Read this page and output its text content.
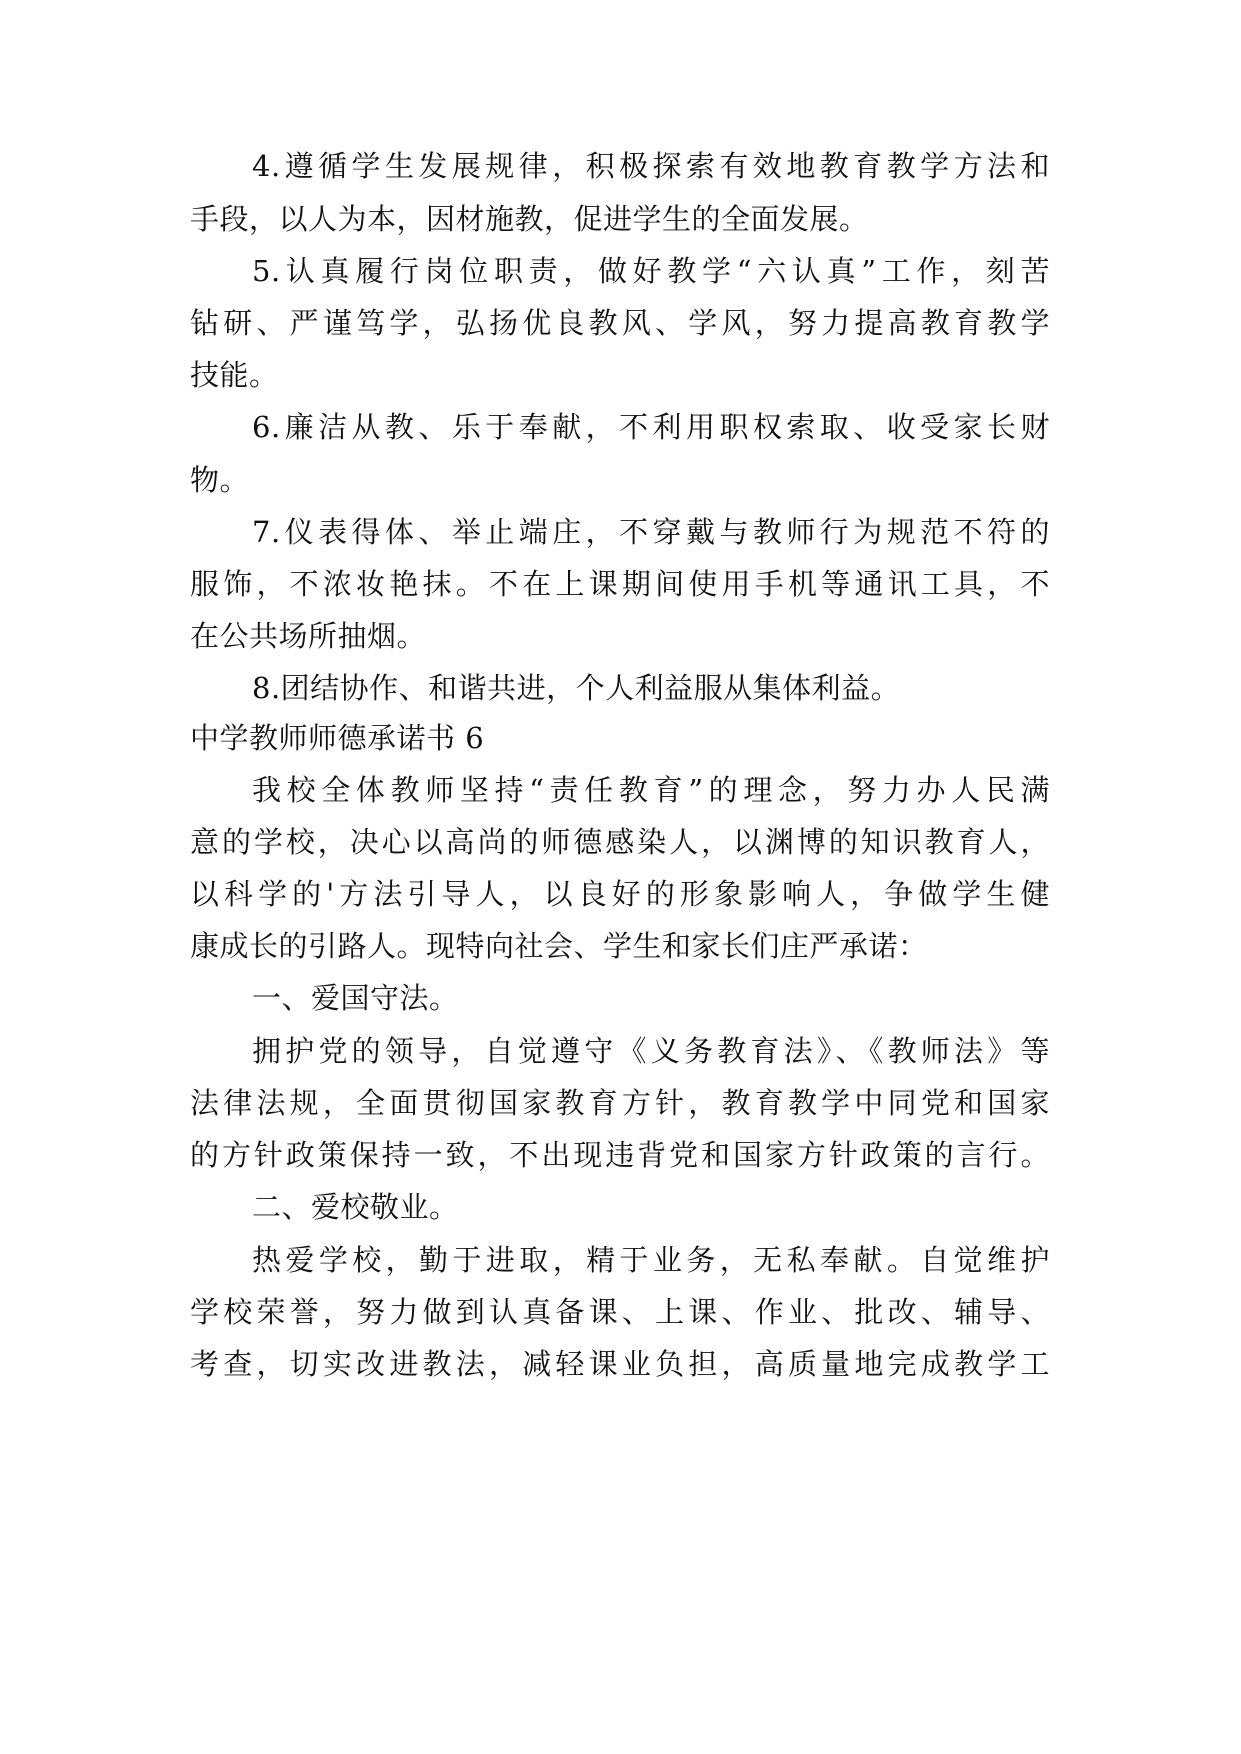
4.遵循学生发展规律，积极探索有效地教育教学方法和
手段，以人为本，因材施教，促进学生的全面发展。
5.认真履行岗位职责，做好教学“六认真”工作，刻苦
钻研、严谨笃学，弘扬优良教风、学风，努力提高教育教学
技能。
6.廉洁从教、乐于奉献，不利用职权索取、收受家长财
物。
7.仪表得体、举止端庄，不穿戴与教师行为规范不符的
服饰，不浓妆艳抹。不在上课期间使用手机等通讯工具，不
在公共场所抽烟。
8.团结协作、和谐共进，个人利益服从集体利益。
中学教师师德承诺书 6
我校全体教师坚持“责任教育”的理念，努力办人民满
意的学校，决心以高尚的师德感染人，以渊博的知识教育人，
以科学的'方法引导人，以良好的形象影响人，争做学生健
康成长的引路人。现特向社会、学生和家长们庄严承诺：
一、爱国守法。
拥护党的领导，自觉遵守《义务教育法》、《教师法》等
法律法规，全面贯彻国家教育方针，教育教学中同党和国家
的方针政策保持一致，不出现违背党和国家方针政策的言行。
二、爱校敬业。
热爱学校，勤于进取，精于业务，无私奉献。自觉维护
学校荣誉，努力做到认真备课、上课、作业、批改、辅导、
考查，切实改进教法，减轻课业负担，高质量地完成教学工
